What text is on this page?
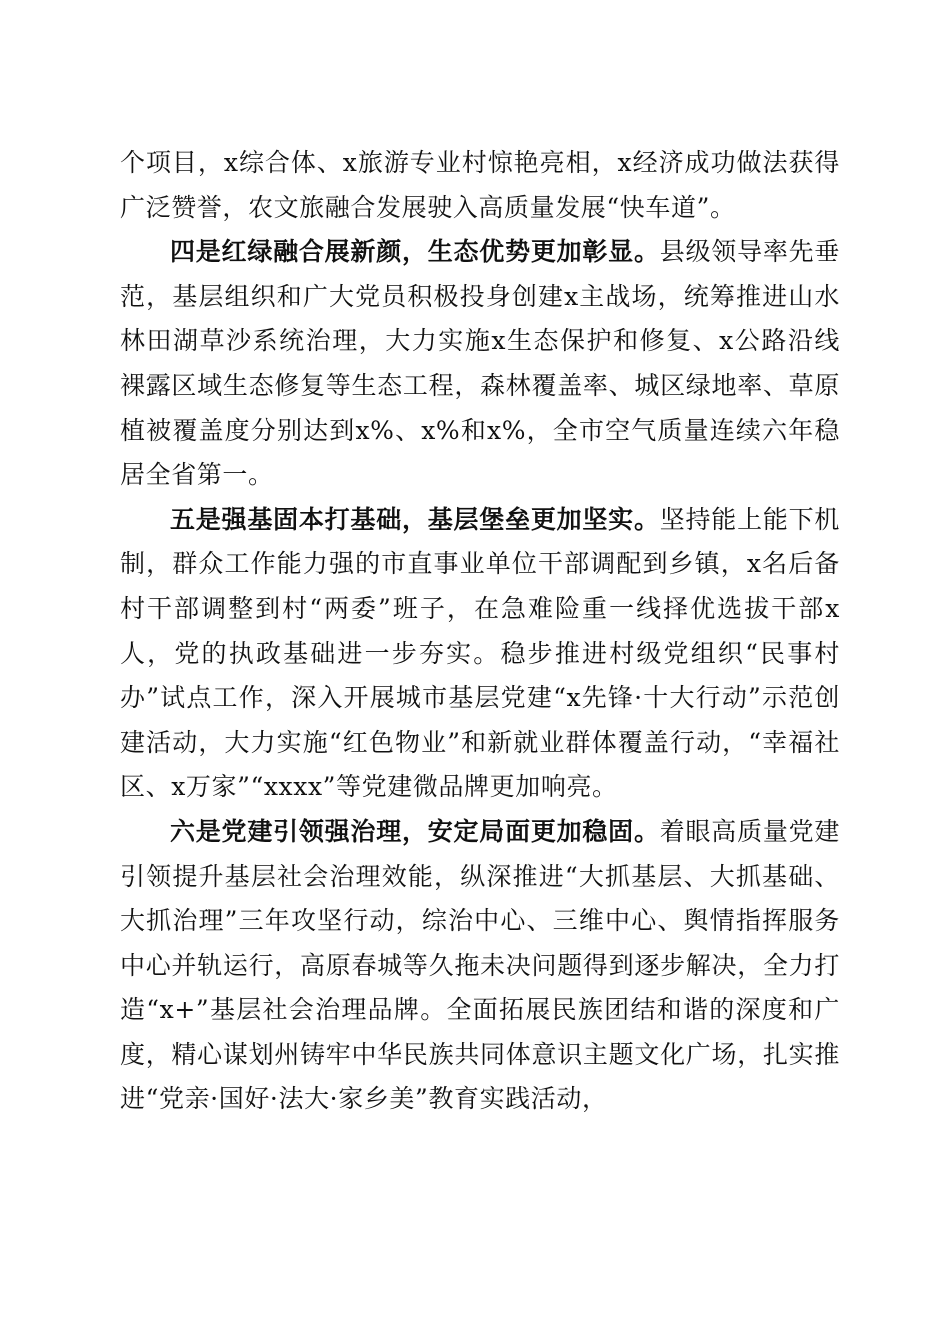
个项目，x综合体、x旅游专业村惊艳亮相，x经济成功做法获得广泛赞誉，农文旅融合发展驶入高质量发展“快车道”。

四是红绿融合展新颜，生态优势更加彰显。县级领导率先垂范，基层组织和广大党员积极投身创建x主战场，统筹推进山水林田湖草沙系统治理，大力实施x生态保护和修复、x公路沿线裸露区域生态修复等生态工程，森林覆盖率、城区绿地率、草原植被覆盖度分别达到x%、x%和x%，全市空气质量连续六年稳居全省第一。

五是强基固本打基础，基层堡垒更加坚实。坚持能上能下机制，群众工作能力强的市直事业单位干部调配到乡镇，x名后备村干部调整到村“两委”班子，在急难险重一线择优选拔干部x人，党的执政基础进一步夯实。稳步推进村级党组织“民事村办”试点工作，深入开展城市基层党建“x先锋·十大行动”示范创建活动，大力实施“红色物业”和新就业群体覆盖行动，“幸福社区、x万家”“xxxx”等党建微品牌更加响亮。

六是党建引领强治理，安定局面更加稳固。着眼高质量党建引领提升基层社会治理效能，纵深推进“大抓基层、大抓基础、大抓治理”三年攻坚行动，综治中心、三维中心、舆情指挥服务中心并轨运行，高原春城等久拖未决问题得到逐步解决，全力打造“x+”基层社会治理品牌。全面拓展民族团结和谐的深度和广度，精心谋划州铸牢中华民族共同体意识主题文化广场，扎实推进“党亲·国好·法大·家乡美”教育实践活动，
